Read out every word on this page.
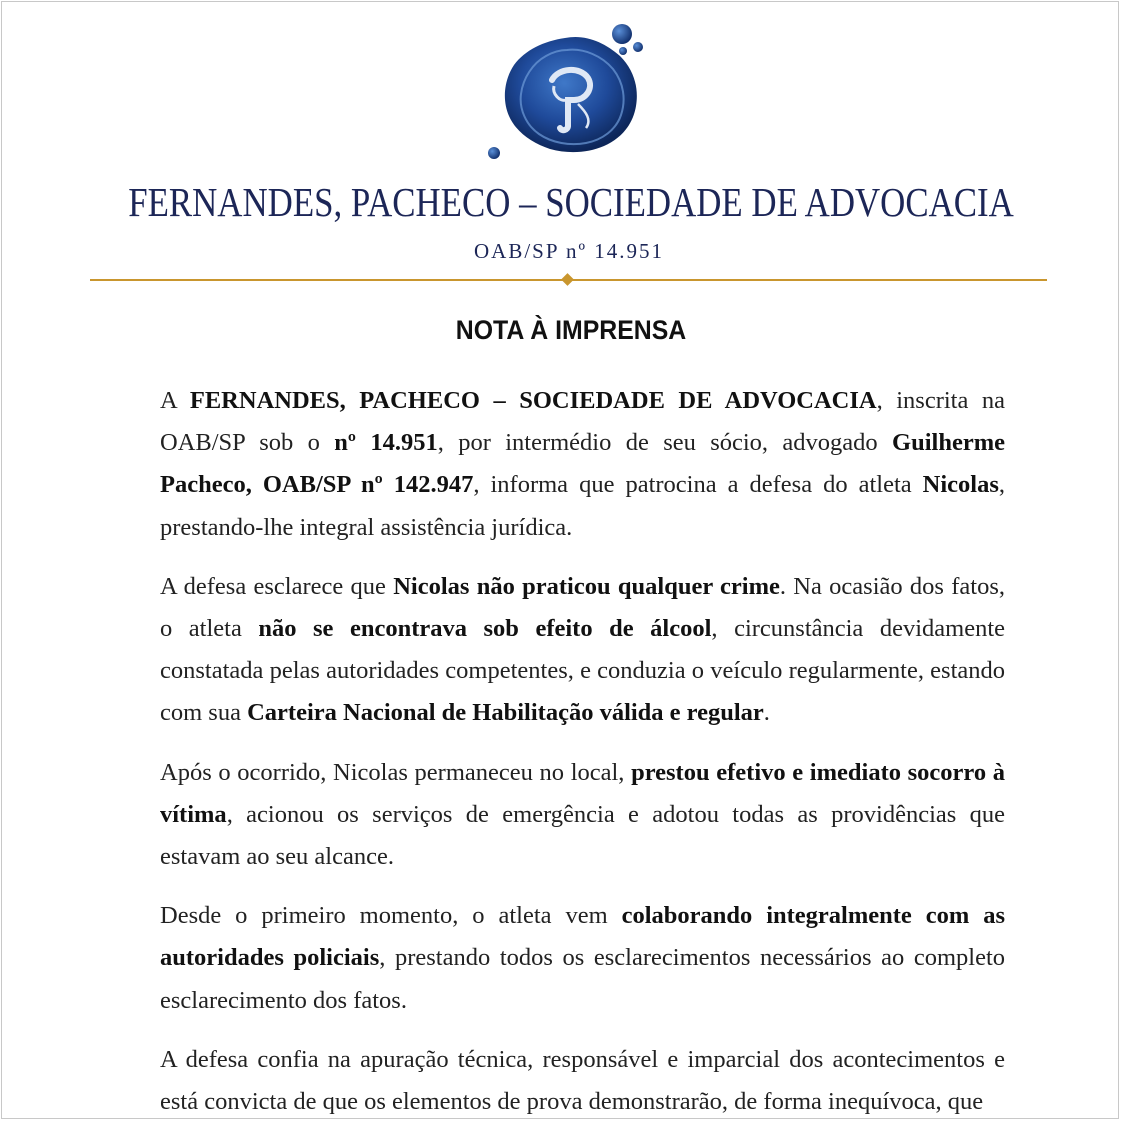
FERNANDES, PACHECO – SOCIEDADE DE ADVOCACIA
OAB/SP nº 14.951
NOTA À IMPRENSA

A FERNANDES, PACHECO – SOCIEDADE DE ADVOCACIA, inscrita na OAB/SP sob o nº 14.951, por intermédio de seu sócio, advogado Guilherme Pacheco, OAB/SP nº 142.947, informa que patrocina a defesa do atleta Nicolas, prestando-lhe integral assistência jurídica.

A defesa esclarece que Nicolas não praticou qualquer crime. Na ocasião dos fatos, o atleta não se encontrava sob efeito de álcool, circunstância devidamente constatada pelas autoridades competentes, e conduzia o veículo regularmente, estando com sua Carteira Nacional de Habilitação válida e regular.

Após o ocorrido, Nicolas permaneceu no local, prestou efetivo e imediato socorro à vítima, acionou os serviços de emergência e adotou todas as providências que estavam ao seu alcance.

Desde o primeiro momento, o atleta vem colaborando integralmente com as autoridades policiais, prestando todos os esclarecimentos necessários ao completo esclarecimento dos fatos.

A defesa confia na apuração técnica, responsável e imparcial dos acontecimentos e está convicta de que os elementos de prova demonstrarão, de forma inequívoca, que
